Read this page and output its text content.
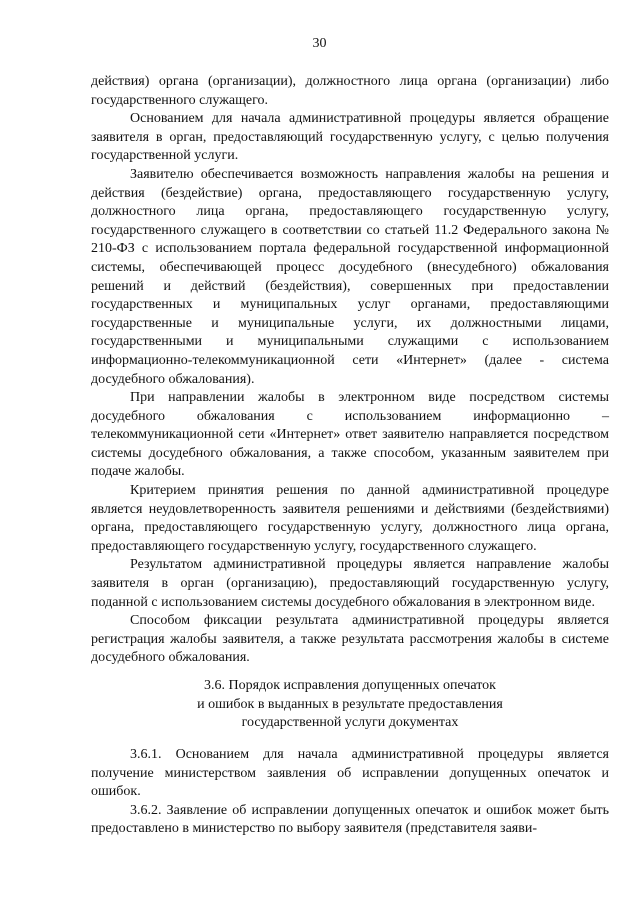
30

действия) органа (организации), должностного лица органа (организации) либо государственного служащего.

Основанием для начала административной процедуры является обращение заявителя в орган, предоставляющий государственную услугу, с целью получения государственной услуги.

Заявителю обеспечивается возможность направления жалобы на решения и действия (бездействие) органа, предоставляющего государственную услугу, должностного лица органа, предоставляющего государственную услугу, государственного служащего в соответствии со статьей 11.2 Федерального закона № 210-ФЗ с использованием портала федеральной государственной информационной системы, обеспечивающей процесс досудебного (внесудебного) обжалования решений и действий (бездействия), совершенных при предоставлении государственных и муниципальных услуг органами, предоставляющими государственные и муниципальные услуги, их должностными лицами, государственными и муниципальными служащими с использованием информационно-телекоммуникационной сети «Интернет» (далее - система досудебного обжалования).

При направлении жалобы в электронном виде посредством системы досудебного обжалования с использованием информационно – телекоммуникационной сети «Интернет» ответ заявителю направляется посредством системы досудебного обжалования, а также способом, указанным заявителем при подаче жалобы.

Критерием принятия решения по данной административной процедуре является неудовлетворенность заявителя решениями и действиями (бездействиями) органа, предоставляющего государственную услугу, должностного лица органа, предоставляющего государственную услугу, государственного служащего.

Результатом административной процедуры является направление жалобы заявителя в орган (организацию), предоставляющий государственную услугу, поданной с использованием системы досудебного обжалования в электронном виде.

Способом фиксации результата административной процедуры является регистрация жалобы заявителя, а также результата рассмотрения жалобы в системе досудебного обжалования.

3.6. Порядок исправления допущенных опечаток
и ошибок в выданных в результате предоставления
государственной услуги документах

3.6.1. Основанием для начала административной процедуры является получение министерством заявления об исправлении допущенных опечаток и ошибок.

3.6.2. Заявление об исправлении допущенных опечаток и ошибок может быть предоставлено в министерство по выбору заявителя (представителя заяви-
